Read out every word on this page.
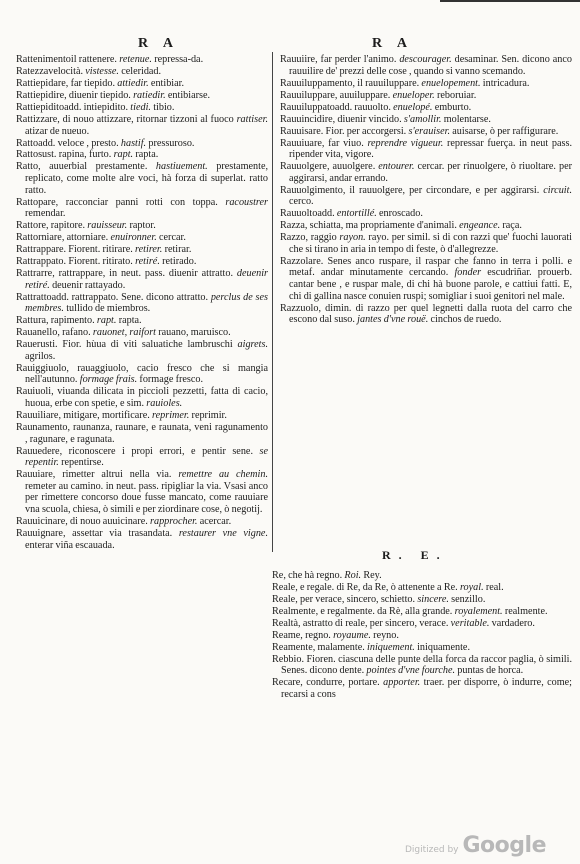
R A	R A

Rattenimentoil rattenere. retenue. repressa-da.

Ratezzavelocità. vistesse. celeridad.

Rattiepidare, far tiepido. attiedir. entibiar.

Rattiepidire, diuenir tiepido. ratiedir. entibiarse.

Rattiepiditoadd. intiepidito. tiedi. tibio.

Rattizzare, di nouo attizzare, ritornar tizzoni al fuoco rattiser. atizar de nueuo.

Rattoadd. veloce , presto. hastif. pressuroso.

Rattosust. rapina, furto. rapt. rapta.

Ratto, auuerbial prestamente. hastiuement. prestamente, replicato, come molte alre voci, hà forza di superlat. ratto ratto.

Rattopare, racconciar panni rotti con toppa. racoustrer remendar.

Rattore, rapitore. rauisseur. raptor.

Rattorniare, attorniare. enuironner. cercar.

Rattrappare. Fiorent. ritirare. retirer. retirar.

Rattrappato. Fiorent. ritirato. retiré. retirado.

Rattrarre, rattrappare, in neut. pass. diuenir attratto. deuenir retiré. deuenir rattayado.

Rattrattoadd. rattrappato. Sene. dicono attratto. perclus de ses membres. tullido de miembros.

Rattura, rapimento. rapt. rapta.

Rauanello, rafano. rauonet, raifort rauano, maruisco.

Rauerusti. Fior. hùua di viti saluatiche lambruschi aigrets. agrilos.

Rauiggiuolo, rauaggiuolo, cacio fresco che si mangia nell'autunno. formage frais. formage fresco.

Rauiuoli, viuanda dilicata in piccioli pezzetti, fatta di cacio, huoua, erbe con spetie, e sim. rauioles.

Rauuiliare, mitigare, mortificare. reprimer. reprimir.

Raunamento, raunanza, raunare, e raunata, veni ragunamento , ragunare, e ragunata.

Rauuedere, riconoscere i propi errori, e pentir sene. se repentir. repentirse.

Rauuiare, rimetter altrui nella via. remettre au chemin. remeter au camino. in neut. pass. ripigliar la via. Vsasi anco per rimettere concorso doue fusse mancato, come rauuiare vna scuola, chiesa, ò simili e per ziordinare cose, ò negotij.

Rauuicinare, di nouo auuicinare. rapprocher. acercar.

Rauuignare, assettar via trasandata. restaurer vne vigne. enterar viña escauada.

Rauuiire, far perder l'animo. descourager. desaminar. Sen. dicono anco rauuilire de' prezzi delle cose , quando si vanno scemando.

Rauuiluppamento, il rauuiluppare. enuelopement. intricadura.

Rauuiluppare, auuiluppare. enueloper. reboruiar.

Rauuiluppatoadd. rauuolto. enuelopé. emburto.

Rauuincidire, diuenir vincido. s'amollir. molentarse.

Rauuisare. Fior. per accorgersi. s'erauiser. auisarse, ò per raffigurare.

Rauuiuare, far viuo. reprendre vigueur. repressar fuerça. in neut pass. ripender vita, vigore.

Rauuolgere, auuolgere. entourer. cercar. per rinuolgere, ò riuoltare. per aggirarsi, andar errando.

Rauuolgimento, il rauuolgere, per circondare, e per aggirarsi. circuit. cerco.

Rauuoltoadd. entortillé. enroscado.

Razza, schiatta, ma propriamente d'animali. engeance. raça.

Razzo, raggio rayon. rayo. per simil. si di con razzi que' fuochi lauorati che si tirano in aria in tempo di feste, ò d'allegrezze.

Razzolare. Senes anco ruspare, il raspar che fanno in terra i polli. e metaf. andar minutamente cercando. fonder escudriñar. prouerb. cantar bene , e ruspar male, di chi hà buone parole, e cattiui fatti. E, chi di gallina nasce conuien ruspi; somigliar i suoi genitori nel male.

Razzuolo, dimin. di razzo per quel legnetti dalla ruota del carro che escono dal suso. jantes d'vne rouë. cinchos de ruedo.

R. E.

Re, che hà regno. Roi. Rey.

Reale, e regale. di Re, da Re, ò attenente a Re. royal. real.

Reale, per verace, sincero, schietto. sincere. senzillo.

Realmente, e regalmente. da Rè, alla grande. royalement. realmente.

Realtà, astratto di reale, per sincero, verace. veritable. vardadero.

Reame, regno. royaume. reyno.

Reamente, malamente. iniquement. iniquamente.

Rebbio. Fioren. ciascuna delle punte della forca da raccor paglia, ò simili. Senes. dicono dente. pointes d'vne fourche. puntas de horca.

Recare, condurre, portare. apporter. traer. per disporre, ò indurre, come; recarsi a cons

Digitized by Google
